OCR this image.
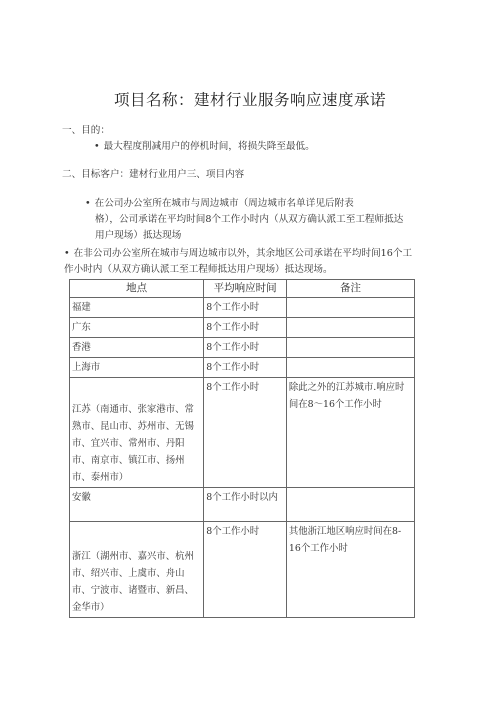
项目名称：建材行业服务响应速度承诺
一、目的：
• 最大程度削减用户的停机时间，将损失降至最低。
二、目标客户：建材行业用户三、项目内容
• 在公司办公室所在城市与周边城市（周边城市名单详见后附表
格），公司承诺在平均时间8个工作小时内（从双方确认派工至工程师抵达
用户现场）抵达现场
• 在非公司办公室所在城市与周边城市以外，其余地区公司承诺在平均时间16个工
作小时内（从双方确认派工至工程师抵达用户现场）抵达现场。
地点	平均响应时间	备注
福建	8个工作小时	
广东	8个工作小时	
香港	8个工作小时	
上海市	8个工作小时	
江苏（南通市、张家港市、常熟市、昆山市、苏州市、无锡市、宜兴市、常州市、丹阳市、南京市、镇江市、扬州市、泰州市）	8个工作小时	除此之外的江苏城市.响应时间在8～16个工作小时
安徽	8个工作小时以内	
浙江（湖州市、嘉兴市、杭州市、绍兴市、上虞市、舟山市、宁波市、诸暨市、新昌、金华市）	8个工作小时	其他浙江地区响应时间在8-16个工作小时
